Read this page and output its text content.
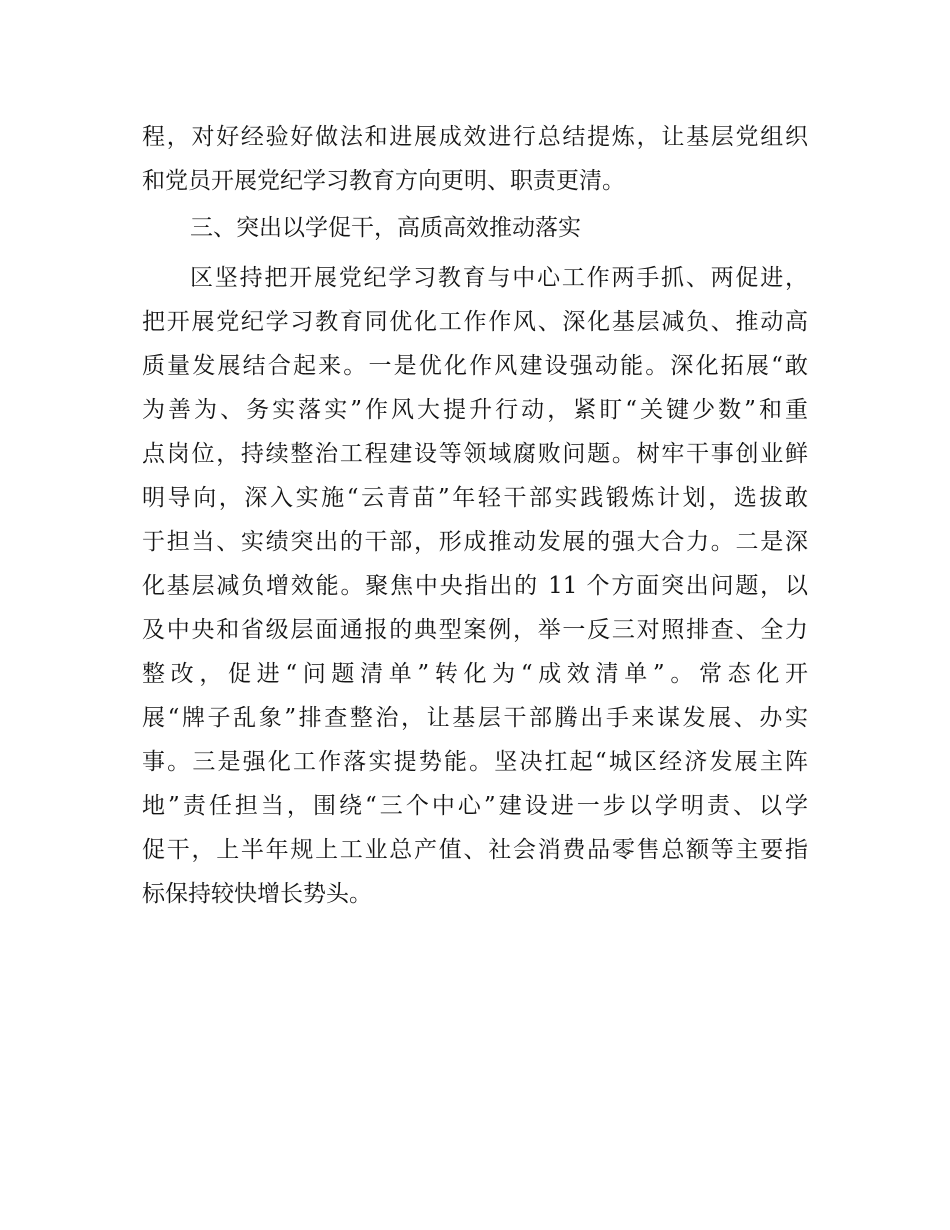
程，对好经验好做法和进展成效进行总结提炼，让基层党组织
和党员开展党纪学习教育方向更明、职责更清。
三、突出以学促干，高质高效推动落实
区坚持把开展党纪学习教育与中心工作两手抓、两促进，
把开展党纪学习教育同优化工作作风、深化基层减负、推动高
质量发展结合起来。一是优化作风建设强动能。深化拓展“敢
为善为、务实落实”作风大提升行动，紧盯“关键少数”和重
点岗位，持续整治工程建设等领域腐败问题。树牢干事创业鲜
明导向，深入实施“云青苗”年轻干部实践锻炼计划，选拔敢
于担当、实绩突出的干部，形成推动发展的强大合力。二是深
化基层减负增效能。聚焦中央指出的 11 个方面突出问题，以
及中央和省级层面通报的典型案例，举一反三对照排查、全力
整改，促进“问题清单”转化为“成效清单”。常态化开
展“牌子乱象”排查整治，让基层干部腾出手来谋发展、办实
事。三是强化工作落实提势能。坚决扛起“城区经济发展主阵
地”责任担当，围绕“三个中心”建设进一步以学明责、以学
促干，上半年规上工业总产值、社会消费品零售总额等主要指
标保持较快增长势头。
